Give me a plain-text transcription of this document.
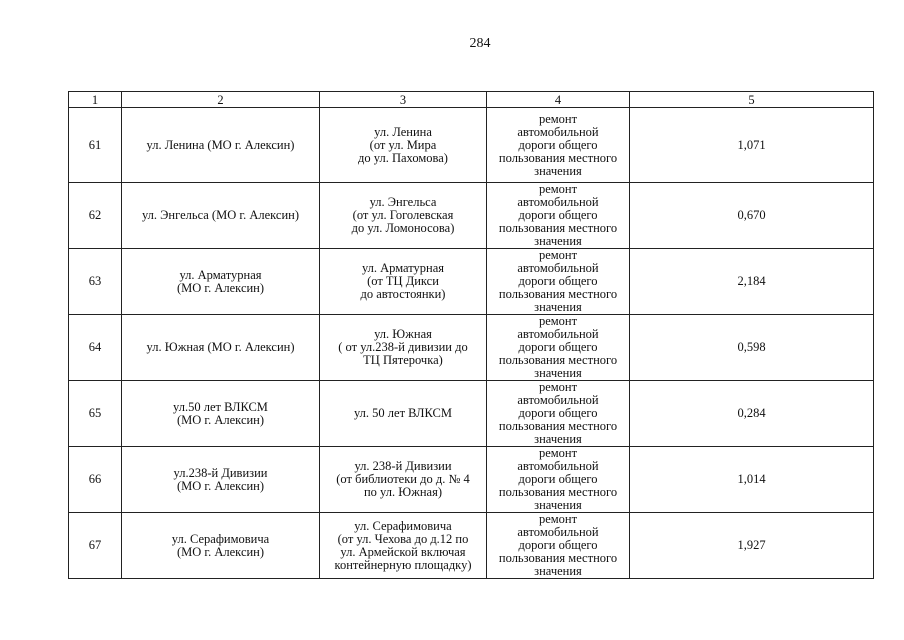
284
1	2	3	4	5
61	ул. Ленина (МО г. Алексин)	ул. Ленина
(от ул. Мира
до ул. Пахомова)	ремонт
автомобильной
дороги общего
пользования местного
значения	1,071
62	ул. Энгельса (МО г. Алексин)	ул. Энгельса
(от ул. Гоголевская
до ул. Ломоносова)	ремонт
автомобильной
дороги общего
пользования местного
значения	0,670
63	ул. Арматурная
(МО г. Алексин)	ул. Арматурная
(от ТЦ Дикси
до автостоянки)	ремонт
автомобильной
дороги общего
пользования местного
значения	2,184
64	ул. Южная (МО г. Алексин)	ул. Южная
( от ул.238-й дивизии до
ТЦ Пятерочка)	ремонт
автомобильной
дороги общего
пользования местного
значения	0,598
65	ул.50 лет ВЛКСМ
(МО г. Алексин)	ул. 50 лет ВЛКСМ	ремонт
автомобильной
дороги общего
пользования местного
значения	0,284
66	ул.238-й Дивизии
(МО г. Алексин)	ул. 238-й Дивизии
(от библиотеки до д. № 4
по ул. Южная)	ремонт
автомобильной
дороги общего
пользования местного
значения	1,014
67	ул. Серафимовича
(МО г. Алексин)	ул. Серафимовича
(от ул. Чехова до д.12 по
ул. Армейской включая
контейнерную площадку)	ремонт
автомобильной
дороги общего
пользования местного
значения	1,927
